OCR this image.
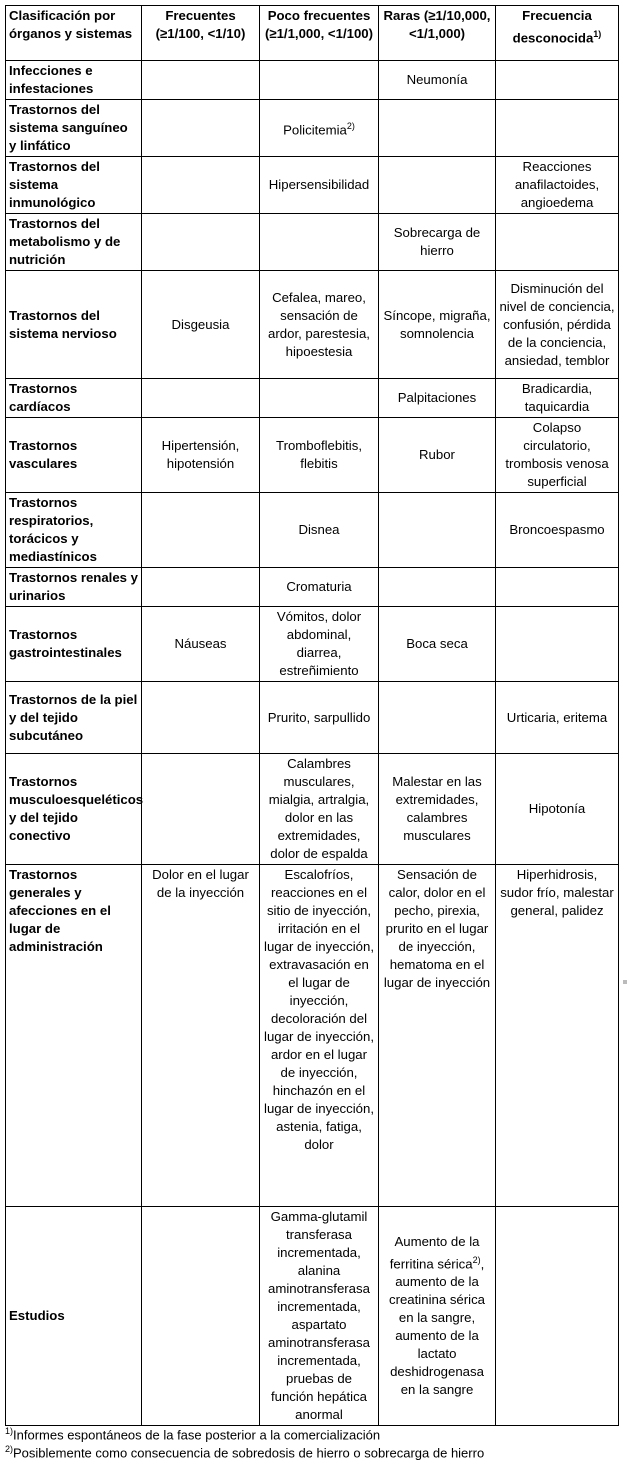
Clasificación por órganos y sistemas	Frecuentes (≥1/100, <1/10)	Poco frecuentes (≥1/1,000, <1/100)	Raras (≥1/10,000, <1/1,000)	Frecuencia desconocida$^{1)}$
Infecciones e infestaciones			Neumonía	
Trastornos del sistema sanguíneo y linfático		Policitemia$^{2)}$		
Trastornos del sistema inmunológico		Hipersensibilidad		Reacciones anafilactoides, angioedema
Trastornos del metabolismo y de nutrición			Sobrecarga de hierro	
Trastornos del sistema nervioso	Disgeusia	Cefalea, mareo, sensación de ardor, parestesia, hipoestesia	Síncope, migraña, somnolencia	Disminución del nivel de conciencia, confusión, pérdida de la conciencia, ansiedad, temblor
Trastornos cardíacos			Palpitaciones	Bradicardia, taquicardia
Trastornos vasculares	Hipertensión, hipotensión	Tromboflebitis, flebitis	Rubor	Colapso circulatorio, trombosis venosa superficial
Trastornos respiratorios, torácicos y mediastínicos		Disnea		Broncoespasmo
Trastornos renales y urinarios		Cromaturia		
Trastornos gastrointestinales	Náuseas	Vómitos, dolor abdominal, diarrea, estreñimiento	Boca seca	
Trastornos de la piel y del tejido subcutáneo		Prurito, sarpullido		Urticaria, eritema
Trastornos musculoesqueléticos y del tejido conectivo		Calambres musculares, mialgia, artralgia, dolor en las extremidades, dolor de espalda	Malestar en las extremidades, calambres musculares	Hipotonía
Trastornos generales y afecciones en el lugar de administración	Dolor en el lugar de la inyección	Escalofríos, reacciones en el sitio de inyección, irritación en el lugar de inyección, extravasación en el lugar de inyección, decoloración del lugar de inyección, ardor en el lugar de inyección, hinchazón en el lugar de inyección, astenia, fatiga, dolor	Sensación de calor, dolor en el pecho, pirexia, prurito en el lugar de inyección, hematoma en el lugar de inyección	Hiperhidrosis, sudor frío, malestar general, palidez
Estudios		Gamma-glutamil transferasa incrementada, alanina aminotransferasa incrementada, aspartato aminotransferasa incrementada, pruebas de función hepática anormal	Aumento de la ferritina sérica$^{2)}$, aumento de la creatinina sérica en la sangre, aumento de la lactato deshidrogenasa en la sangre	
$^{1)}$Informes espontáneos de la fase posterior a la comercialización
$^{2)}$Posiblemente como consecuencia de sobredosis de hierro o sobrecarga de hierro
